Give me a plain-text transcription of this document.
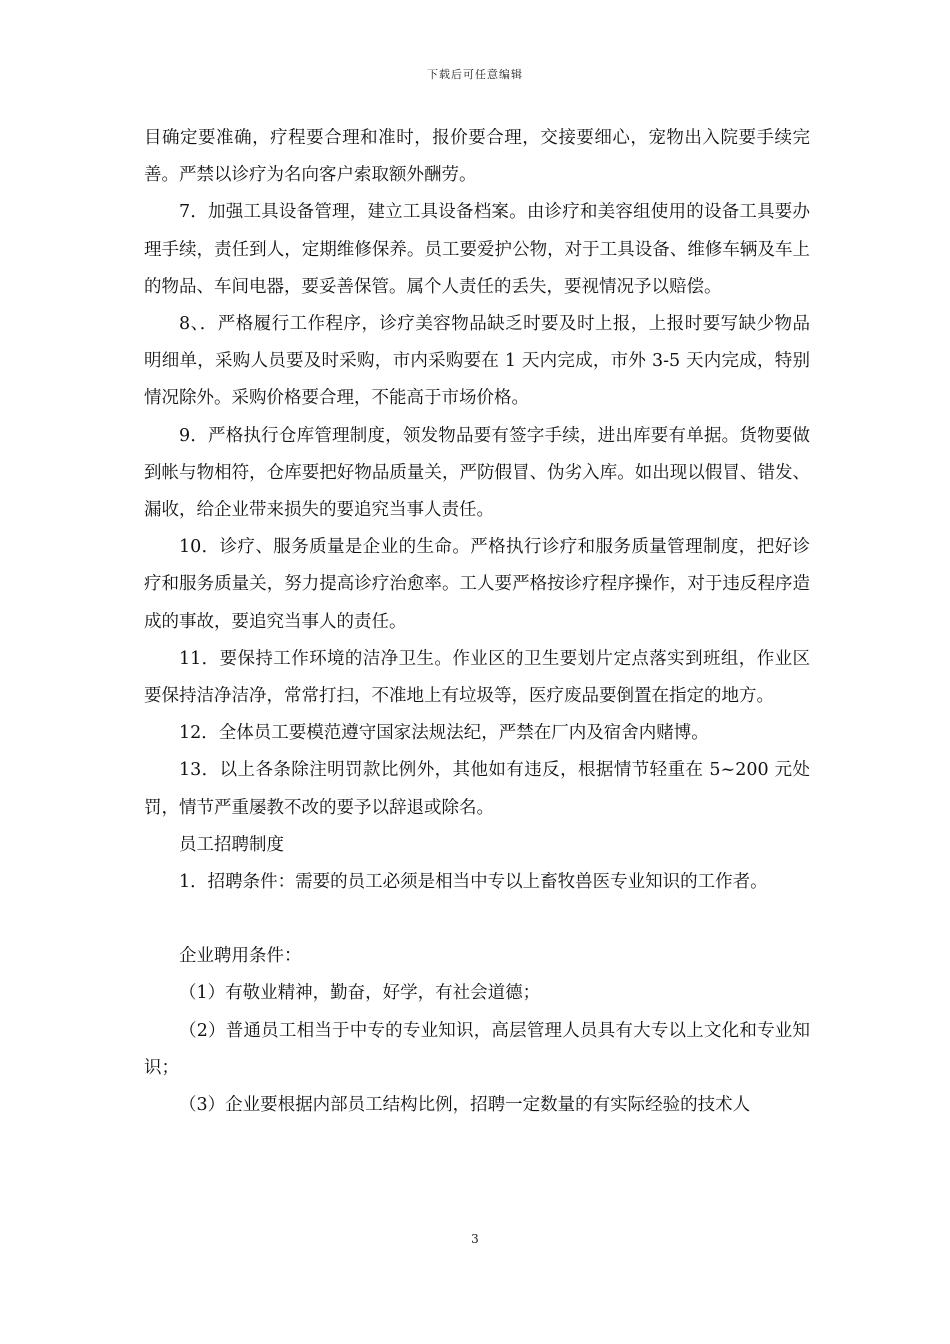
下载后可任意编辑

目确定要准确，疗程要合理和准时，报价要合理，交接要细心，宠物出入院要手续完善。严禁以诊疗为名向客户索取额外酬劳。

7．加强工具设备管理，建立工具设备档案。由诊疗和美容组使用的设备工具要办理手续，责任到人，定期维修保养。员工要爱护公物，对于工具设备、维修车辆及车上的物品、车间电器，要妥善保管。属个人责任的丢失，要视情况予以赔偿。

8、．严格履行工作程序，诊疗美容物品缺乏时要及时上报，上报时要写缺少物品明细单，采购人员要及时采购，市内采购要在 1 天内完成，市外 3-5 天内完成，特别情况除外。采购价格要合理，不能高于市场价格。

9．严格执行仓库管理制度，领发物品要有签字手续，进出库要有单据。货物要做到帐与物相符，仓库要把好物品质量关，严防假冒、伪劣入库。如出现以假冒、错发、漏收，给企业带来损失的要追究当事人责任。

10．诊疗、服务质量是企业的生命。严格执行诊疗和服务质量管理制度，把好诊疗和服务质量关，努力提高诊疗治愈率。工人要严格按诊疗程序操作，对于违反程序造成的事故，要追究当事人的责任。

11．要保持工作环境的洁净卫生。作业区的卫生要划片定点落实到班组，作业区要保持洁净洁净，常常打扫，不准地上有垃圾等，医疗废品要倒置在指定的地方。

12．全体员工要模范遵守国家法规法纪，严禁在厂内及宿舍内赌博。

13．以上各条除注明罚款比例外，其他如有违反，根据情节轻重在 5~200 元处罚，情节严重屡教不改的要予以辞退或除名。

员工招聘制度

1．招聘条件：需要的员工必须是相当中专以上畜牧兽医专业知识的工作者。

企业聘用条件：

（1）有敬业精神，勤奋，好学，有社会道德；

（2）普通员工相当于中专的专业知识，高层管理人员具有大专以上文化和专业知识；

（3）企业要根据内部员工结构比例，招聘一定数量的有实际经验的技术人

3
